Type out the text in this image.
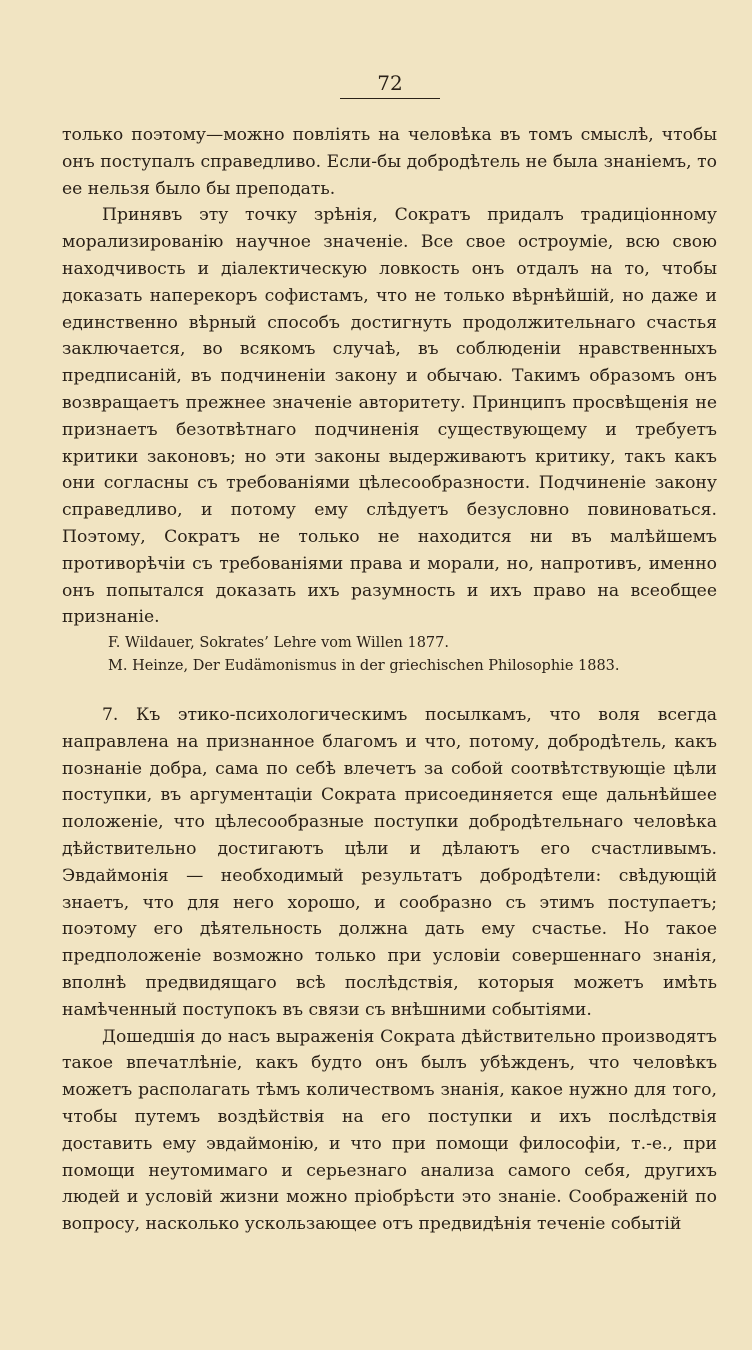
72

только поэтому—можно повлiять на человѣка въ томъ смыслѣ, чтобы онъ поступалъ справедливо. Если-бы добродѣтель не была знанiемъ, то ее нельзя было бы преподать.

Принявъ эту точку зрѣнiя, Сократъ придалъ традицiонному морализированiю научное значенiе. Все свое остроумiе, всю свою находчивость и дiалектическую ловкость онъ отдалъ на то, чтобы доказать наперекоръ софистамъ, что не только вѣрнѣйшiй, но даже и единственно вѣрный способъ достигнуть продолжительнаго счастья заключается, во всякомъ случаѣ, въ соблюденiи нравственныхъ предписанiй, въ подчиненiи закону и обычаю. Такимъ образомъ онъ возвращаетъ прежнее значенiе авторитету. Принципъ просвѣщенiя не признаетъ безотвѣтнаго подчиненiя существующему и требуетъ критики законовъ; но эти законы выдерживаютъ критику, такъ какъ они согласны съ требованiями цѣлесообразности. Подчиненiе закону справедливо, и потому ему слѣдуетъ безусловно повиноваться. Поэтому, Сократъ не только не находится ни въ малѣйшемъ противорѣчiи съ требованiями права и морали, но, напротивъ, именно онъ попытался доказать ихъ разумность и ихъ право на всеобщее признанiе.

F. Wildauer, Sokrates’ Lehre vom Willen 1877.
M. Heinze, Der Eudämonismus in der griechischen Philosophie 1883.

7. Къ этико-психологическимъ посылкамъ, что воля всегда направлена на признанное благомъ и что, потому, добродѣтель, какъ познанiе добра, сама по себѣ влечетъ за собой соотвѣтствующiе цѣли поступки, въ аргументацiи Сократа присоединяется еще дальнѣйшее положенiе, что цѣлесообразные поступки добродѣтельнаго человѣка дѣйствительно достигаютъ цѣли и дѣлаютъ его счастливымъ. Эвдаймонiя — необходимый результатъ добродѣтели: свѣдующiй знаетъ, что для него хорошо, и сообразно съ этимъ поступаетъ; поэтому его дѣятельность должна дать ему счастье. Но такое предположенiе возможно только при условiи совершеннаго знанiя, вполнѣ предвидящаго всѣ послѣдствiя, которыя можетъ имѣть намѣченный поступокъ въ связи съ внѣшними событiями.

Дошедшiя до насъ выраженiя Сократа дѣйствительно производятъ такое впечатлѣнiе, какъ будто онъ былъ убѣжденъ, что человѣкъ можетъ располагать тѣмъ количествомъ знанiя, какое нужно для того, чтобы путемъ воздѣйствiя на его поступки и ихъ послѣдствiя доставить ему эвдаймонiю, и что при помощи философiи, т.-е., при помощи неутомимаго и серьезнаго анализа самого себя, другихъ людей и условiй жизни можно прiобрѣсти это знанiе. Соображенiй по вопросу, насколько ускользающее отъ предвидѣнiя теченiе событiй
